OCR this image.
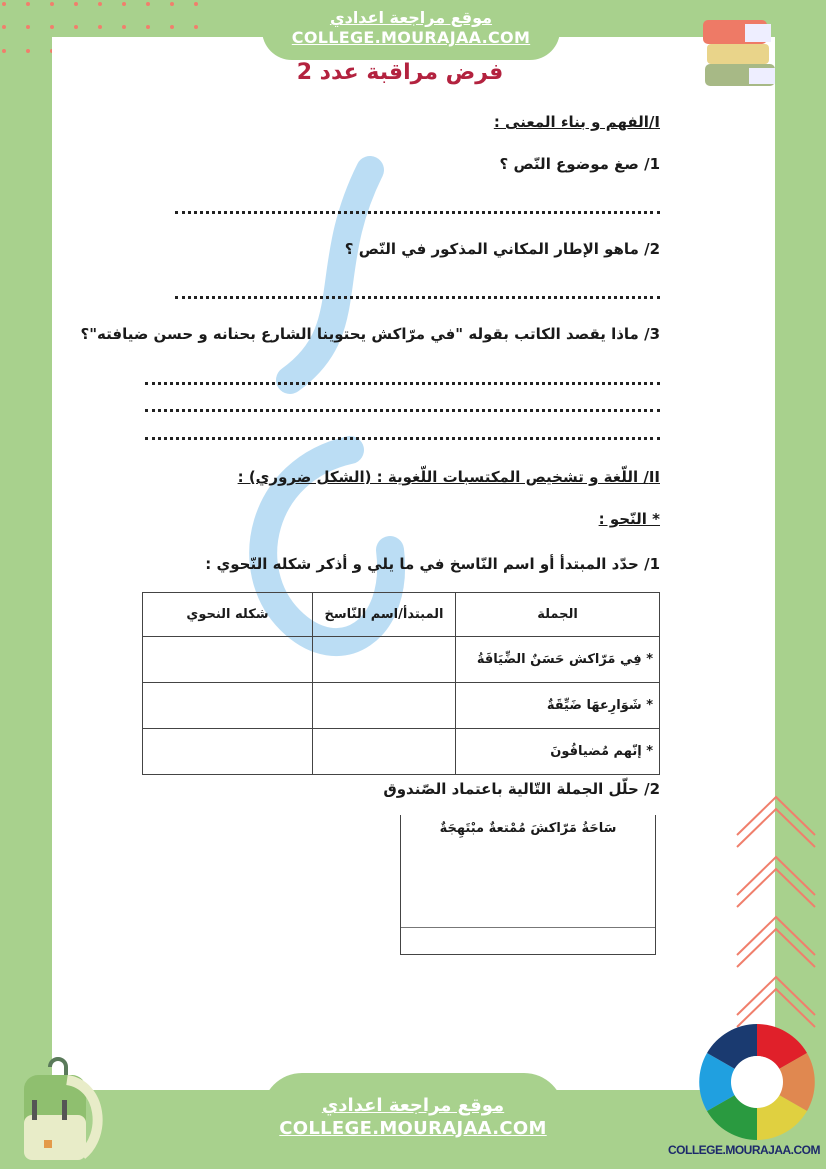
موقع مراجعة اعدادي
COLLEGE.MOURAJAA.COM
فرض مراقبة عدد 2
I/الفهم و بناء المعنى :
1/ صغ موضوع النّص ؟
2/ ماهو الإطار المكاني المذكور في النّص ؟
3/ ماذا يقصد الكاتب بقوله "في مرّاكش يحتوينا الشارع بحنانه و حسن ضيافته"؟
II/ اللّغة و تشخيص المكتسبات اللّغوية : (الشكل ضروري) :
* النّحو :
1/ حدّد المبتدأ أو اسم النّاسخ في ما يلي و أذكر شكله النّحوي :
الجملة	المبتدأ/اسم النّاسخ	شكله النحوي
* فِي مَرّاكش حَسَنٌ الضِّيَافَةُ		
* شَوَارِعهَا ضَيِّقَةٌ		
* إنّهم مُضيافُونَ		
2/ حلّل الجملة التّالية باعتماد الصّندوق
سَاحَةُ مَرّاكشَ مُمْتعةٌ مبْتَهِجَةٌ
موقع مراجعة اعدادي
COLLEGE.MOURAJAA.COM
COLLEGE.MOURAJAA.COM
